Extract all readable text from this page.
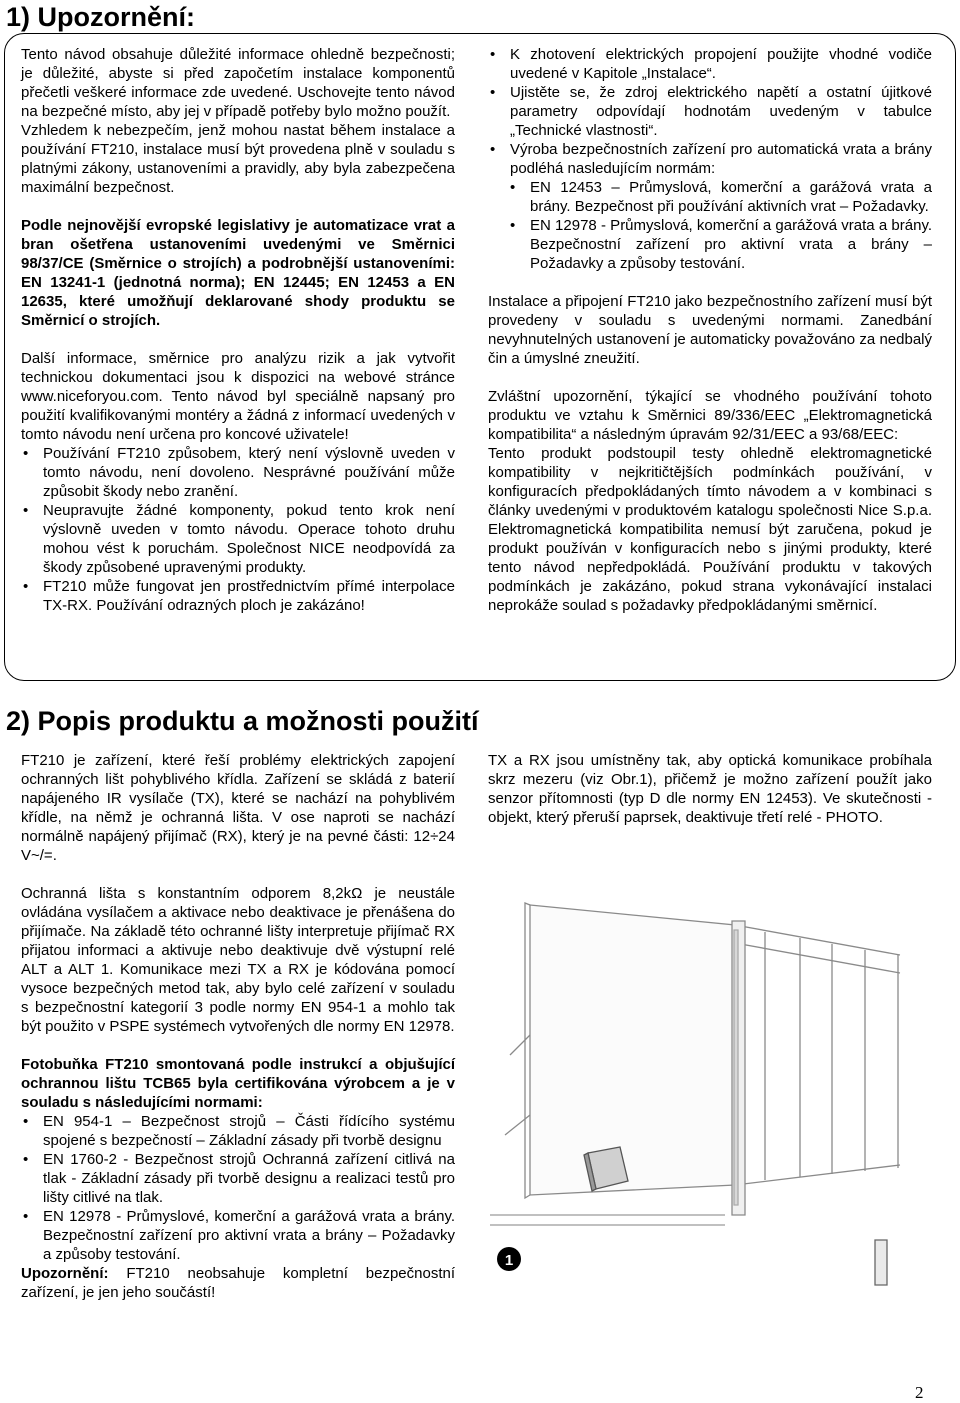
1) Upozornění:

Tento návod obsahuje důležité informace ohledně bezpečnosti; je důležité, abyste si před započetím instalace komponentů přečetli veškeré informace zde uvedené. Uschovejte tento návod na bezpečné místo, aby jej v případě potřeby bylo možno použít.

Vzhledem k nebezpečím, jenž mohou nastat během instalace a používání FT210, instalace musí být provedena plně v souladu s platnými zákony, ustanoveními a pravidly, aby byla zabezpečena maximální bezpečnost.

Podle nejnovější evropské legislativy je automatizace vrat a bran ošetřena ustanoveními uvedenými ve Směrnici 98/37/CE (Směrnice o strojích) a podrobnější ustanoveními: EN 13241-1 (jednotná norma); EN 12445; EN 12453 a EN 12635, které umožňují deklarované shody produktu se Směrnicí o strojích.

Další informace, směrnice pro analýzu rizik a jak vytvořit technickou dokumentaci jsou k dispozici na webové stránce www.niceforyou.com. Tento návod byl speciálně napsaný pro použití kvalifikovanými montéry a žádná z informací uvedených v tomto návodu není určena pro koncové uživatele!

• Používání FT210 způsobem, který není výslovně uveden v tomto návodu, není dovoleno. Nesprávné používání může způsobit škody nebo zranění.
• Neupravujte žádné komponenty, pokud tento krok není výslovně uveden v tomto návodu. Operace tohoto druhu mohou vést k poruchám. Společnost NICE neodpovídá za škody způsobené upravenými produkty.
• FT210 může fungovat jen prostřednictvím přímé interpolace TX-RX. Používání odrazných ploch je zakázáno!
• K zhotovení elektrických propojení použijte vhodné vodiče uvedené v Kapitole „Instalace“.
• Ujistěte se, že zdroj elektrického napětí a ostatní újitkové parametry odpovídají hodnotám uvedeným v tabulce „Technické vlastnosti“.
• Výroba bezpečnostních zařízení pro automatická vrata a brány podléhá nasledujícím normám:
• EN 12453 – Průmyslová, komerční a garážová vrata a brány. Bezpečnost při používání aktivních vrat – Požadavky.
• EN 12978 - Průmyslová, komerční a garážová vrata a brány. Bezpečnostní zařízení pro aktivní vrata a brány – Požadavky a způsoby testování.

Instalace a připojení FT210 jako bezpečnostního zařízení musí být provedeny v souladu s uvedenými normami. Zanedbání nevyhnutelných ustanovení je automaticky považováno za nedbalý čin a úmyslné zneužití.

Zvláštní upozornění, týkající se vhodného používání tohoto produktu ve vztahu k Směrnici 89/336/EEC „Elektromagnetická kompatibilita“ a následným úpravám 92/31/EEC a 93/68/EEC:

Tento produkt podstoupil testy ohledně elektromagnetické kompatibility v nejkritičtějších podmínkách používání, v konfiguracích předpokládaných tímto návodem a v kombinaci s články uvedenými v produktovém katalogu společnosti Nice S.p.a. Elektromagnetická kompatibilita nemusí být zaručena, pokud je produkt používán v konfiguracích nebo s jinými produkty, které tento návod nepředpokládá. Používání produktu v takových podmínkách je zakázáno, pokud strana vykonávající instalaci neprokáže soulad s požadavky předpokládanými směrnicí.

2) Popis produktu a možnosti použití

FT210 je zařízení, které řeší problémy elektrických zapojení ochranných lišt pohyblivého křídla. Zařízení se skládá z baterií napájeného IR vysílače (TX), které se nachází na pohyblivém křídle, na němž je ochranná lišta. V ose naproti se nachází normálně napájený přijímač (RX), který je na pevné části: 12÷24 V~/=.

Ochranná lišta s konstantním odporem 8,2kΩ je neustále ovládána vysílačem a aktivace nebo deaktivace je přenášena do přijímače. Na základě této ochranné lišty interpretuje přijímač RX přijatou informaci a aktivuje nebo deaktivuje dvě výstupní relé ALT a ALT 1. Komunikace mezi TX a RX je kódována pomocí vysoce bezpečných metod tak, aby bylo celé zařízení v souladu s bezpečnostní kategorií 3 podle normy EN 954-1 a mohlo tak být použito v PSPE systémech vytvořených dle normy EN 12978.

Fotobuňka FT210 smontovaná podle instrukcí a objušující ochrannou lištu TCB65 byla certifikována výrobcem a je v souladu s následujícími normami:

• EN 954-1 – Bezpečnost strojů – Části řídícího systému spojené s bezpečností – Základní zásady při tvorbě designu
• EN 1760-2 - Bezpečnost strojů Ochranná zařízení citlivá na tlak - Základní zásady při tvorbě designu a realizaci testů pro lišty citlivé na tlak.
• EN 12978 - Průmyslové, komerční a garážová vrata a brány. Bezpečnostní zařízení pro aktivní vrata a brány – Požadavky a způsoby testování.

Upozornění: FT210 neobsahuje kompletní bezpečnostní zařízení, je jen jeho součástí!

TX a RX jsou umístněny tak, aby optická komunikace probíhala skrz mezeru (viz Obr.1), přičemž je možno zařízení použít jako senzor přítomnosti (typ D dle normy EN 12453). Ve skutečnosti - objekt, který přeruší paprsek, deaktivuje třetí relé - PHOTO.

1
2
